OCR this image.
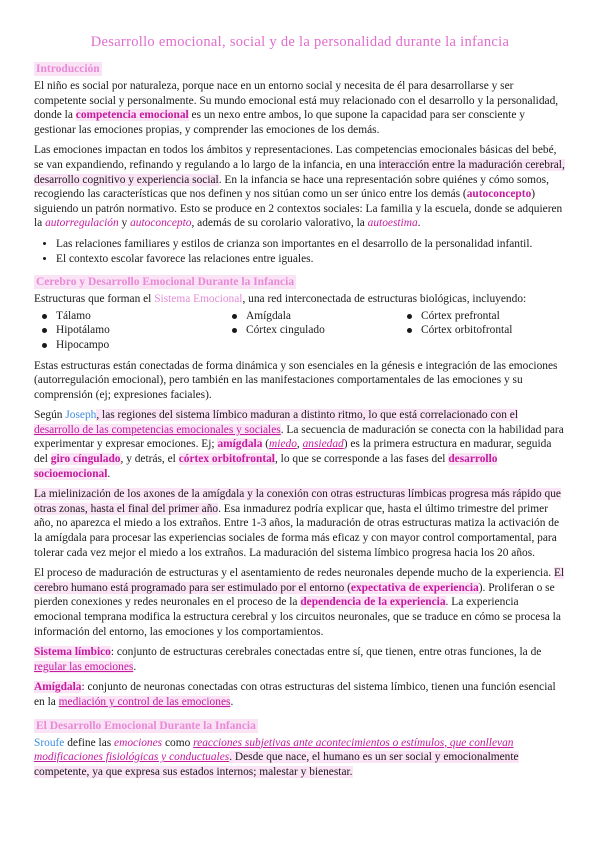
Desarrollo emocional, social y de la personalidad durante la infancia
Introducción

El niño es social por naturaleza, porque nace en un entorno social y necesita de él para desarrollarse y ser competente social y personalmente. Su mundo emocional está muy relacionado con el desarrollo y la personalidad, donde la competencia emocional es un nexo entre ambos, lo que supone la capacidad para ser consciente y gestionar las emociones propias, y comprender las emociones de los demás.

Las emociones impactan en todos los ámbitos y representaciones. Las competencias emocionales básicas del bebé, se van expandiendo, refinando y regulando a lo largo de la infancia, en una interacción entre la maduración cerebral, desarrollo cognitivo y experiencia social. En la infancia se hace una representación sobre quiénes y cómo somos, recogiendo las características que nos definen y nos sitúan como un ser único entre los demás (autoconcepto) siguiendo un patrón normativo. Esto se produce en 2 contextos sociales: La familia y la escuela, donde se adquieren la autorregulación y autoconcepto, además de su corolario valorativo, la autoestima.

• Las relaciones familiares y estilos de crianza son importantes en el desarrollo de la personalidad infantil.
• El contexto escolar favorece las relaciones entre iguales.
Cerebro y Desarrollo Emocional Durante la Infancia

Estructuras que forman el Sistema Emocional, una red interconectada de estructuras biológicas, incluyendo:

Tálamo	Amígdala	Córtex prefrontal
Hipotálamo	Córtex cingulado	Córtex orbitofrontal
Hipocampo

Estas estructuras están conectadas de forma dinámica y son esenciales en la génesis e integración de las emociones (autorregulación emocional), pero también en las manifestaciones comportamentales de las emociones y su comprensión (ej; expresiones faciales).

Según Joseph, las regiones del sistema límbico maduran a distinto ritmo, lo que está correlacionado con el desarrollo de las competencias emocionales y sociales. La secuencia de maduración se conecta con la habilidad para experimentar y expresar emociones. Ej; amígdala (miedo, ansiedad) es la primera estructura en madurar, seguida del giro cíngulado, y detrás, el córtex orbitofrontal, lo que se corresponde a las fases del desarrollo socioemocional.

La mielinización de los axones de la amígdala y la conexión con otras estructuras límbicas progresa más rápido que otras zonas, hasta el final del primer año. Esa inmadurez podría explicar que, hasta el último trimestre del primer año, no aparezca el miedo a los extraños. Entre 1-3 años, la maduración de otras estructuras matiza la activación de la amígdala para procesar las experiencias sociales de forma más eficaz y con mayor control comportamental, para tolerar cada vez mejor el miedo a los extraños. La maduración del sistema límbico progresa hacia los 20 años.

El proceso de maduración de estructuras y el asentamiento de redes neuronales depende mucho de la experiencia. El cerebro humano está programado para ser estimulado por el entorno (expectativa de experiencia). Proliferan o se pierden conexiones y redes neuronales en el proceso de la dependencia de la experiencia. La experiencia emocional temprana modifica la estructura cerebral y los circuitos neuronales, que se traduce en cómo se procesa la información del entorno, las emociones y los comportamientos.

Sistema límbico: conjunto de estructuras cerebrales conectadas entre sí, que tienen, entre otras funciones, la de regular las emociones.

Amígdala: conjunto de neuronas conectadas con otras estructuras del sistema límbico, tienen una función esencial en la mediación y control de las emociones.

El Desarrollo Emocional Durante la Infancia

Sroufe define las emociones como reacciones subjetivas ante acontecimientos o estímulos, que conllevan modificaciones fisiológicas y conductuales. Desde que nace, el humano es un ser social y emocionalmente competente, ya que expresa sus estados internos; malestar y bienestar.
